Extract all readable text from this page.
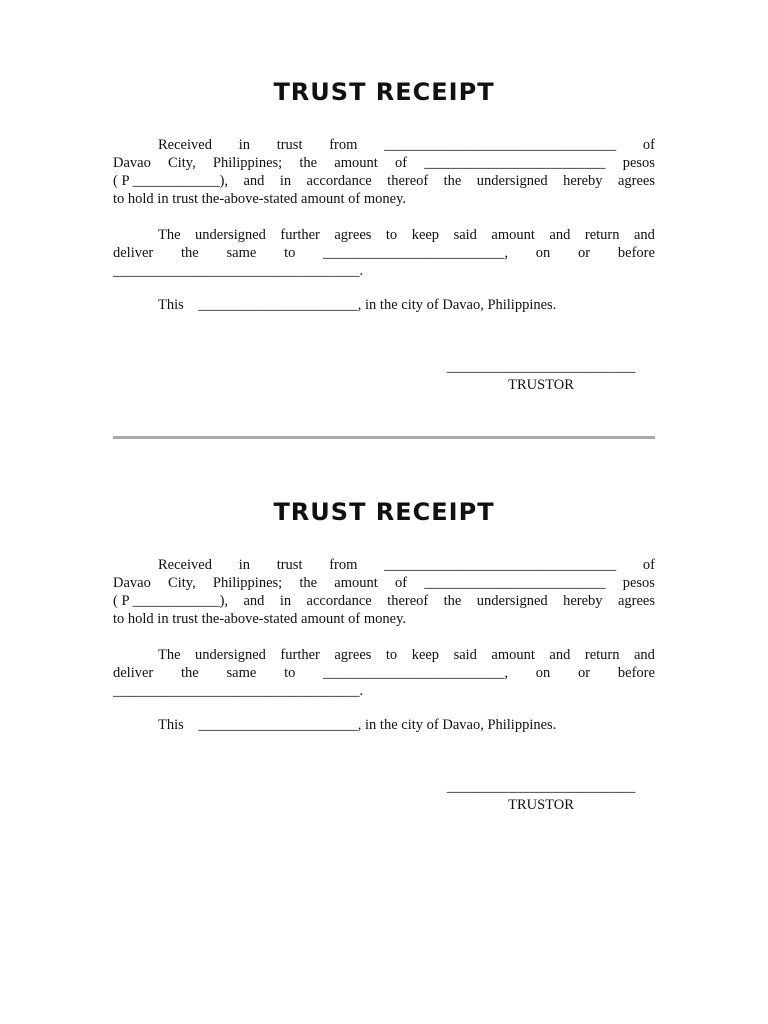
TRUST RECEIPT
Received in trust from ________________________________ of
Davao City, Philippines; the amount of _________________________ pesos
( P ____________), and in accordance thereof the undersigned hereby agrees
to hold in trust the-above-stated amount of money.
The undersigned further agrees to keep said amount and return and
deliver the same to _________________________, on or before
__________________________________.
This ______________________, in the city of Davao, Philippines.
__________________________
TRUSTOR
TRUST RECEIPT
Received in trust from ________________________________ of
Davao City, Philippines; the amount of _________________________ pesos
( P ____________), and in accordance thereof the undersigned hereby agrees
to hold in trust the-above-stated amount of money.
The undersigned further agrees to keep said amount and return and
deliver the same to _________________________, on or before
__________________________________.
This ______________________, in the city of Davao, Philippines.
__________________________
TRUSTOR
